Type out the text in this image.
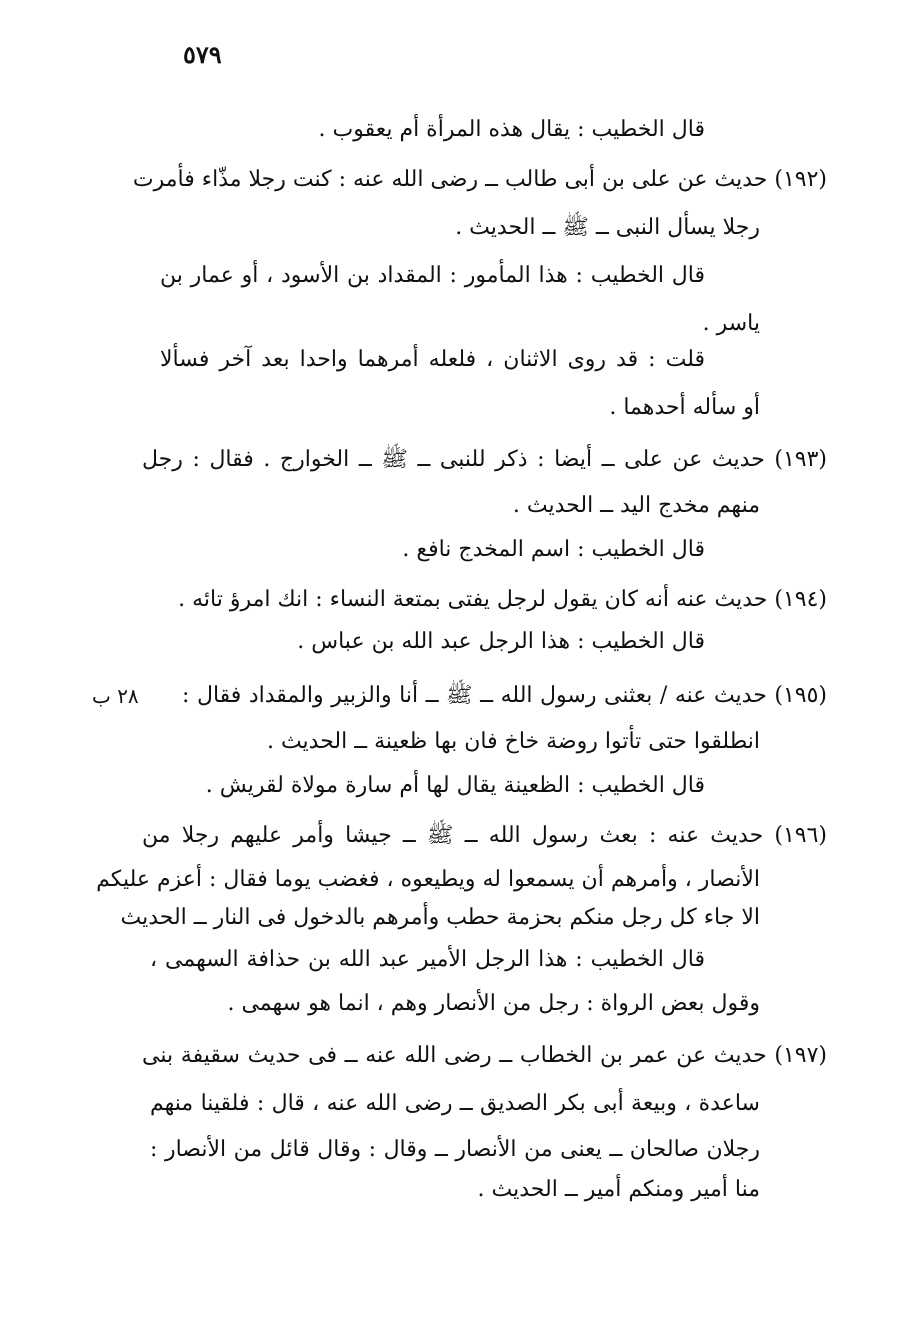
٥٧٩
قال الخطيب : يقال هذه المرأة أم يعقوب .
(١٩٢) حديث عن على بن أبى طالب ــ رضى الله عنه : كنت رجلا مذّاء فأمرت
رجلا يسأل النبى ــ ﷺ ــ الحديث .
قال الخطيب : هذا المأمور : المقداد بن الأسود ، أو عمار بن
ياسر .
قلت : قد روى الاثنان ، فلعله أمرهما واحدا بعد آخر فسألا
أو سأله أحدهما .
(١٩٣) حديث عن على ــ أيضا : ذكر للنبى ــ ﷺ ــ الخوارج . فقال : رجل
منهم مخدج اليد ــ الحديث .
قال الخطيب : اسم المخدج نافع .
(١٩٤) حديث عنه أنه كان يقول لرجل يفتى بمتعة النساء : انك امرؤ تائه .
قال الخطيب : هذا الرجل عبد الله بن عباس .
(١٩٥) حديث عنه / بعثنى رسول الله ــ ﷺ ــ أنا والزبير والمقداد فقال :
٢٨ ب
انطلقوا حتى تأتوا روضة خاخ فان بها ظعينة ــ الحديث .
قال الخطيب : الظعينة يقال لها أم سارة مولاة لقريش .
(١٩٦) حديث عنه : بعث رسول الله ــ ﷺ ــ جيشا وأمر عليهم رجلا من
الأنصار ، وأمرهم أن يسمعوا له ويطيعوه ، فغضب يوما فقال : أعزم عليكم
الا جاء كل رجل منكم بحزمة حطب وأمرهم بالدخول فى النار ــ الحديث
قال الخطيب : هذا الرجل الأمير عبد الله بن حذافة السهمى ،
وقول بعض الرواة : رجل من الأنصار وهم ، انما هو سهمى .
(١٩٧) حديث عن عمر بن الخطاب ــ رضى الله عنه ــ فى حديث سقيفة بنى
ساعدة ، وبيعة أبى بكر الصديق ــ رضى الله عنه ، قال : فلقينا منهم
رجلان صالحان ــ يعنى من الأنصار ــ وقال : وقال قائل من الأنصار :
منا أمير ومنكم أمير ــ الحديث .
